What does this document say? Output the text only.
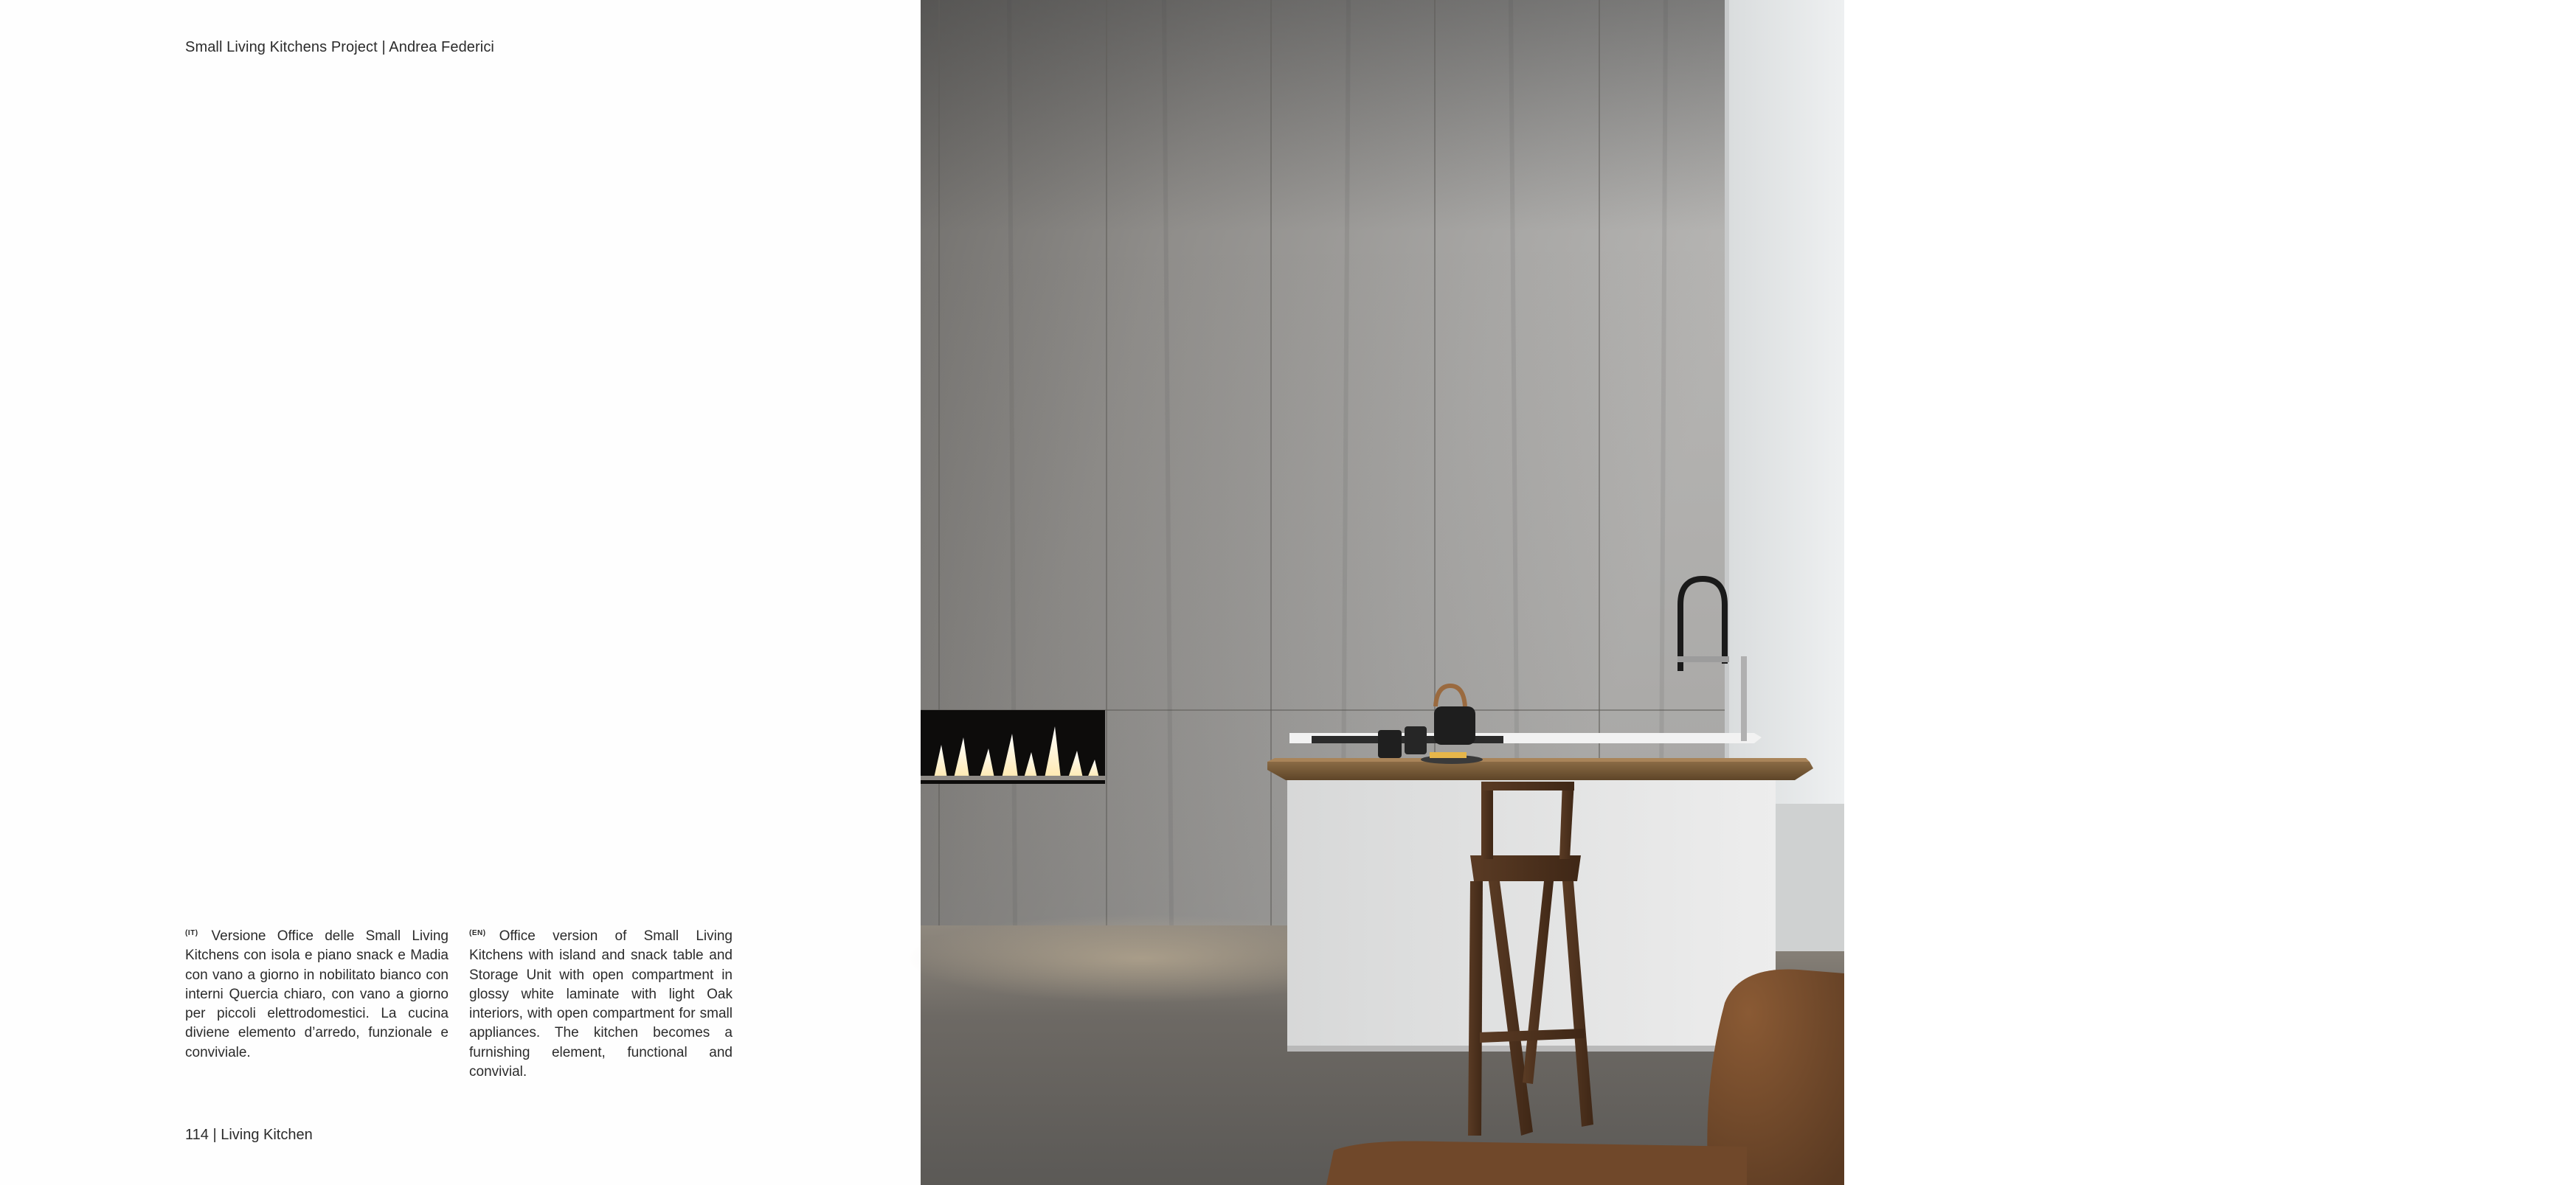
Small Living Kitchens Project | Andrea Federici
$^{(IT)}$ Versione Office delle Small Living Kitchens con isola e piano snack e Madia con vano a giorno in nobilitato bianco con interni Quercia chiaro, con vano a giorno per piccoli elettrodomestici. La cucina diviene elemento d’arredo, funzionale e conviviale.
$^{(EN)}$ Office version of Small Living Kitchens with island and snack table and Storage Unit with open compartment in glossy white laminate with light Oak interiors, with open compartment for small appliances. The kitchen becomes a furnishing element, functional and convivial.
114 | Living Kitchen	115
